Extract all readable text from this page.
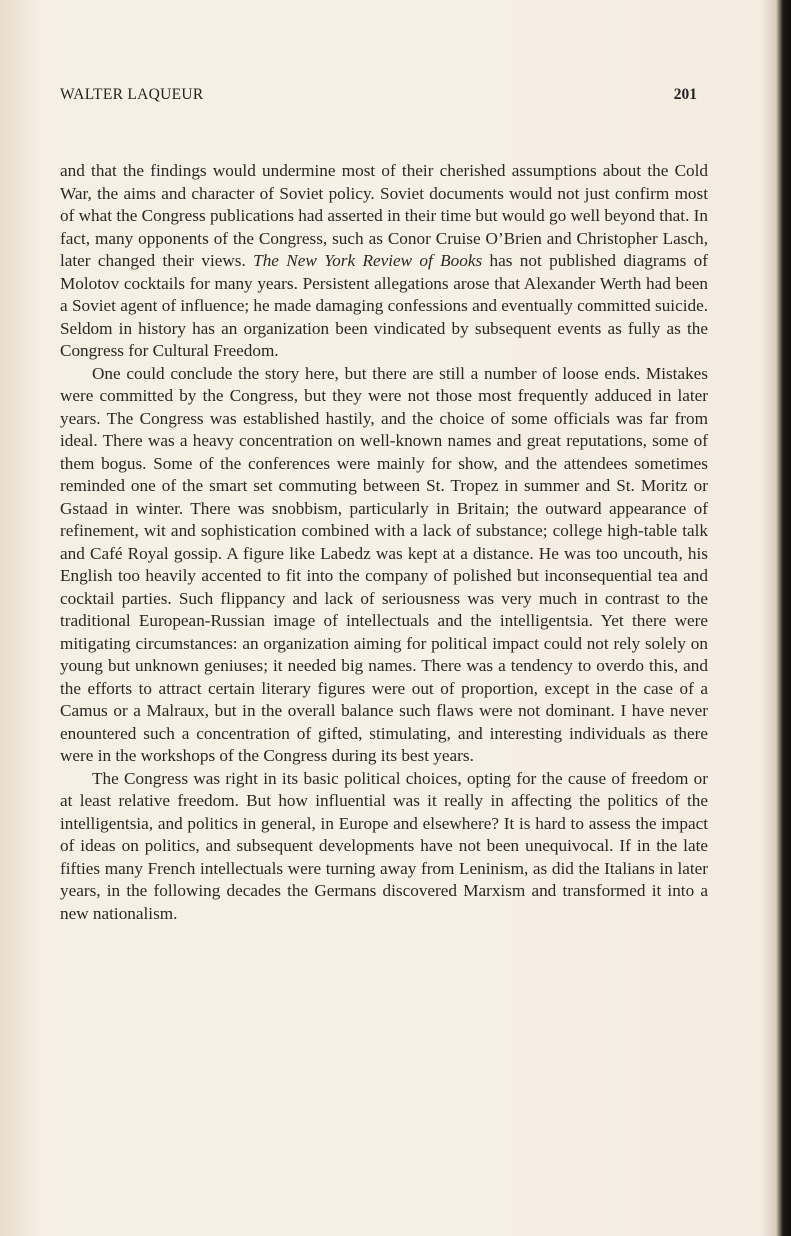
WALTER LAQUEUR	201

and that the findings would undermine most of their cherished assumptions about the Cold War, the aims and character of Soviet policy. Soviet documents would not just confirm most of what the Congress publications had asserted in their time but would go well beyond that. In fact, many opponents of the Congress, such as Conor Cruise O’Brien and Christopher Lasch, later changed their views. The New York Review of Books has not published diagrams of Molotov cocktails for many years. Persistent allegations arose that Alexander Werth had been a Soviet agent of influence; he made damaging confessions and eventually committed suicide. Seldom in history has an organization been vindicated by subsequent events as fully as the Congress for Cultural Freedom.

One could conclude the story here, but there are still a number of loose ends. Mistakes were committed by the Congress, but they were not those most frequently adduced in later years. The Congress was established hastily, and the choice of some officials was far from ideal. There was a heavy concentration on well-known names and great reputations, some of them bogus. Some of the conferences were mainly for show, and the attendees sometimes reminded one of the smart set commuting between St. Tropez in summer and St. Moritz or Gstaad in winter. There was snobbism, particularly in Britain; the outward appearance of refinement, wit and sophistication combined with a lack of substance; college high-table talk and Café Royal gossip. A figure like Labedz was kept at a distance. He was too uncouth, his English too heavily accented to fit into the company of polished but inconsequential tea and cocktail parties. Such flippancy and lack of seriousness was very much in contrast to the traditional European-Russian image of intellectuals and the intelligentsia. Yet there were mitigating circumstances: an organization aiming for political impact could not rely solely on young but unknown geniuses; it needed big names. There was a tendency to overdo this, and the efforts to attract certain literary figures were out of proportion, except in the case of a Camus or a Malraux, but in the overall balance such flaws were not dominant. I have never enountered such a concentration of gifted, stimulating, and interesting individuals as there were in the workshops of the Congress during its best years.

The Congress was right in its basic political choices, opting for the cause of freedom or at least relative freedom. But how influential was it really in affecting the politics of the intelligentsia, and politics in general, in Europe and elsewhere? It is hard to assess the impact of ideas on politics, and subsequent developments have not been unequivocal. If in the late fifties many French intellectuals were turning away from Leninism, as did the Italians in later years, in the following decades the Germans discovered Marxism and transformed it into a new nationalism.
